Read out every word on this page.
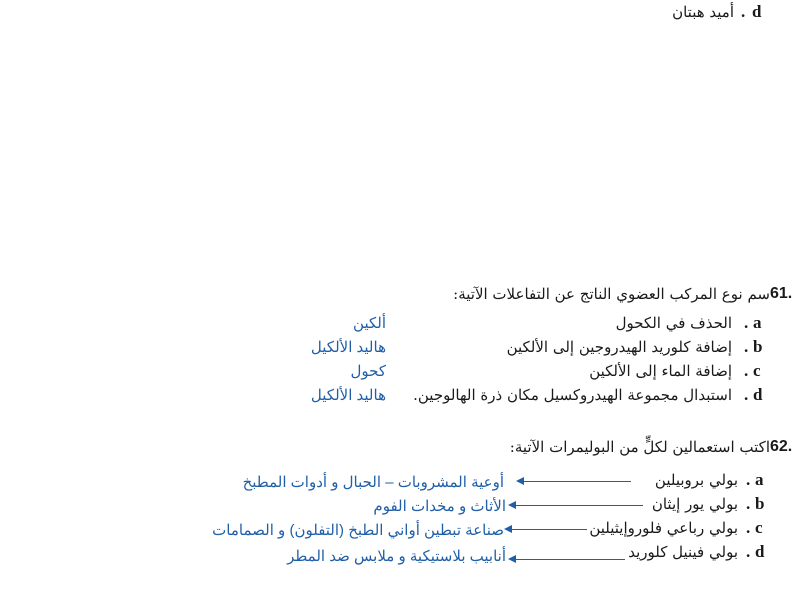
d
.
أميد هبتان
61.
سم نوع المركب العضوي الناتج عن التفاعلات الآتية:
a
.
الحذف في الكحول
ألكين
b
.
إضافة كلوريد الهيدروجين إلى الألكين
هاليد الألكيل
c
.
إضافة الماء إلى الألكين
كحول
d
.
استبدال مجموعة الهيدروكسيل مكان ذرة الهالوجين.
هاليد الألكيل
62.
اكتب استعمالين لكلٍّ من البوليمرات الآتية:
a
.
بولي بروبيلين
أوعية المشروبات – الحبال و أدوات المطبخ
b
.
بولي يور إيثان
الأثاث و مخدات الفوم
c
.
بولي رباعي فلوروإيثيلين
صناعة تبطين أواني الطبخ (التفلون) و الصمامات
d
.
بولي فينيل كلوريد
أنابيب بلاستيكية و ملابس ضد المطر
